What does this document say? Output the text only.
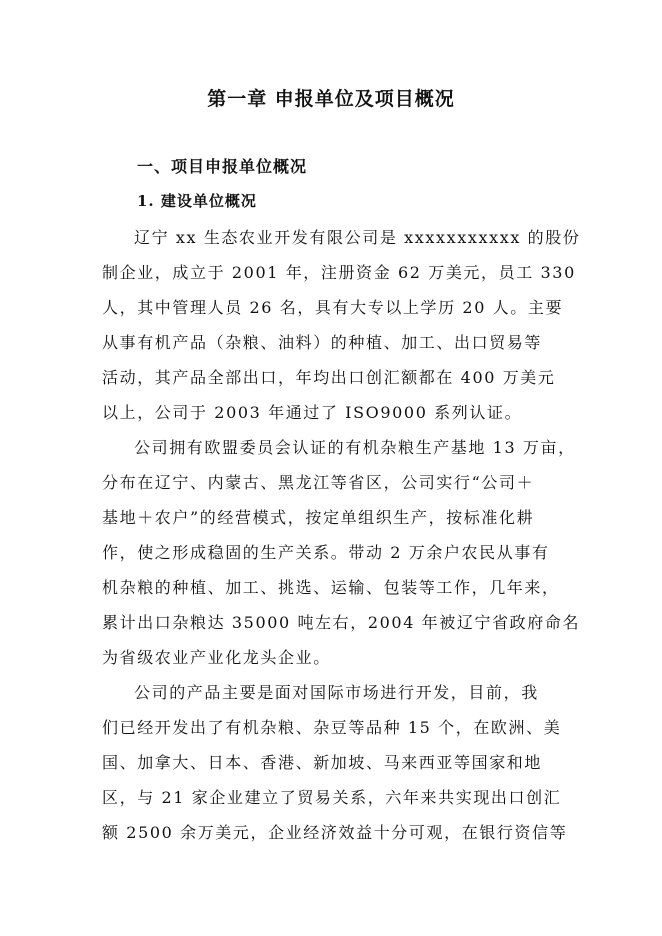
第一章 申报单位及项目概况
一、项目申报单位概况
1. 建设单位概况

辽宁 xx 生态农业开发有限公司是 xxxxxxxxxxx 的股份

制企业，成立于 2001 年，注册资金 62 万美元，员工 330

人，其中管理人员 26 名，具有大专以上学历 20 人。主要

从事有机产品（杂粮、油料）的种植、加工、出口贸易等

活动，其产品全部出口，年均出口创汇额都在 400 万美元

以上，公司于 2003 年通过了 ISO9000 系列认证。

公司拥有欧盟委员会认证的有机杂粮生产基地 13 万亩，

分布在辽宁、内蒙古、黑龙江等省区，公司实行“公司＋

基地＋农户”的经营模式，按定单组织生产，按标准化耕

作，使之形成稳固的生产关系。带动 2 万余户农民从事有

机杂粮的种植、加工、挑选、运输、包装等工作，几年来，

累计出口杂粮达 35000 吨左右，2004 年被辽宁省政府命名

为省级农业产业化龙头企业。

公司的产品主要是面对国际市场进行开发，目前，我

们已经开发出了有机杂粮、杂豆等品种 15 个，在欧洲、美

国、加拿大、日本、香港、新加坡、马来西亚等国家和地

区，与 21 家企业建立了贸易关系，六年来共实现出口创汇

额 2500 余万美元，企业经济效益十分可观，在银行资信等
